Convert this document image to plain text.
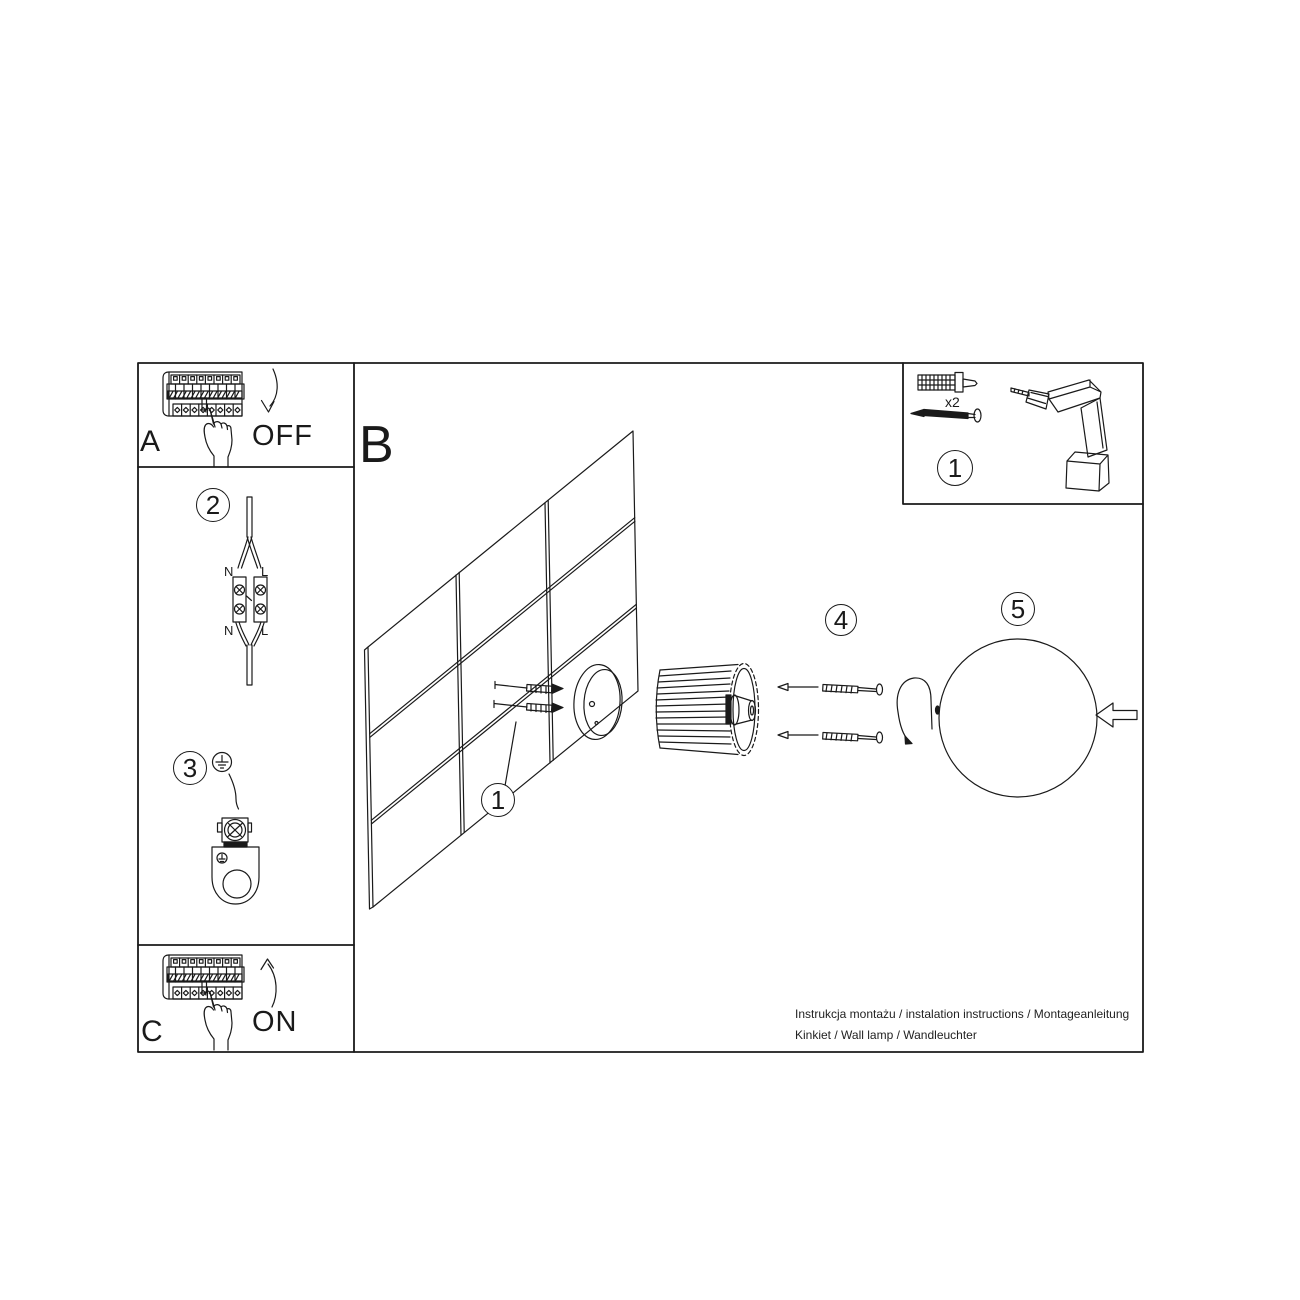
A	OFF B
C	ON
2
3
1
4	5
1
x2
N L
N L
Instrukcja montażu / instalation instructions / Montageanleitung
Kinkiet / Wall lamp / Wandleuchter
